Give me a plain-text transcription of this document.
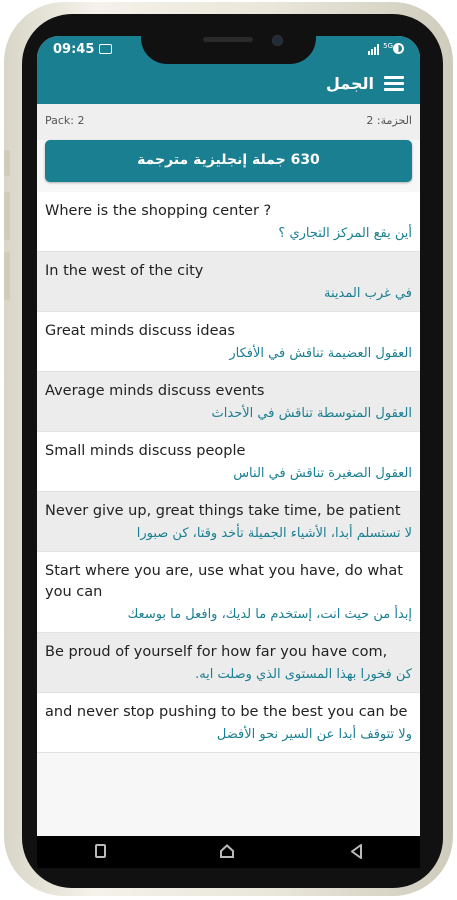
09:45	5G
الجمل
Pack: 2	الحزمة: 2
630 جملة إنجليزية مترجمة
Where is the shopping center ?
أين يقع المركز التجاري ؟
In the west of the city
في غرب المدينة
Great minds discuss ideas
العقول العضيمة تناقش في الأفكار
Average minds discuss events
العقول المتوسطة تناقش في الأحداث
Small minds discuss people
العقول الصغيرة تناقش في الناس
Never give up, great things take time, be patient
لا تستسلم أبدا، الأشياء الجميلة تأخد وقتا، كن صبورا
Start where you are, use what you have, do what you can
إبدأ من حيث انت، إستخدم ما لديك، وافعل ما بوسعك
Be proud of yourself for how far you have com,
كن فخورا بهذا المستوى الذي وصلت ايه.
and never stop pushing to be the best you can be
ولا تتوقف أبدا عن السير نحو الأفضل
